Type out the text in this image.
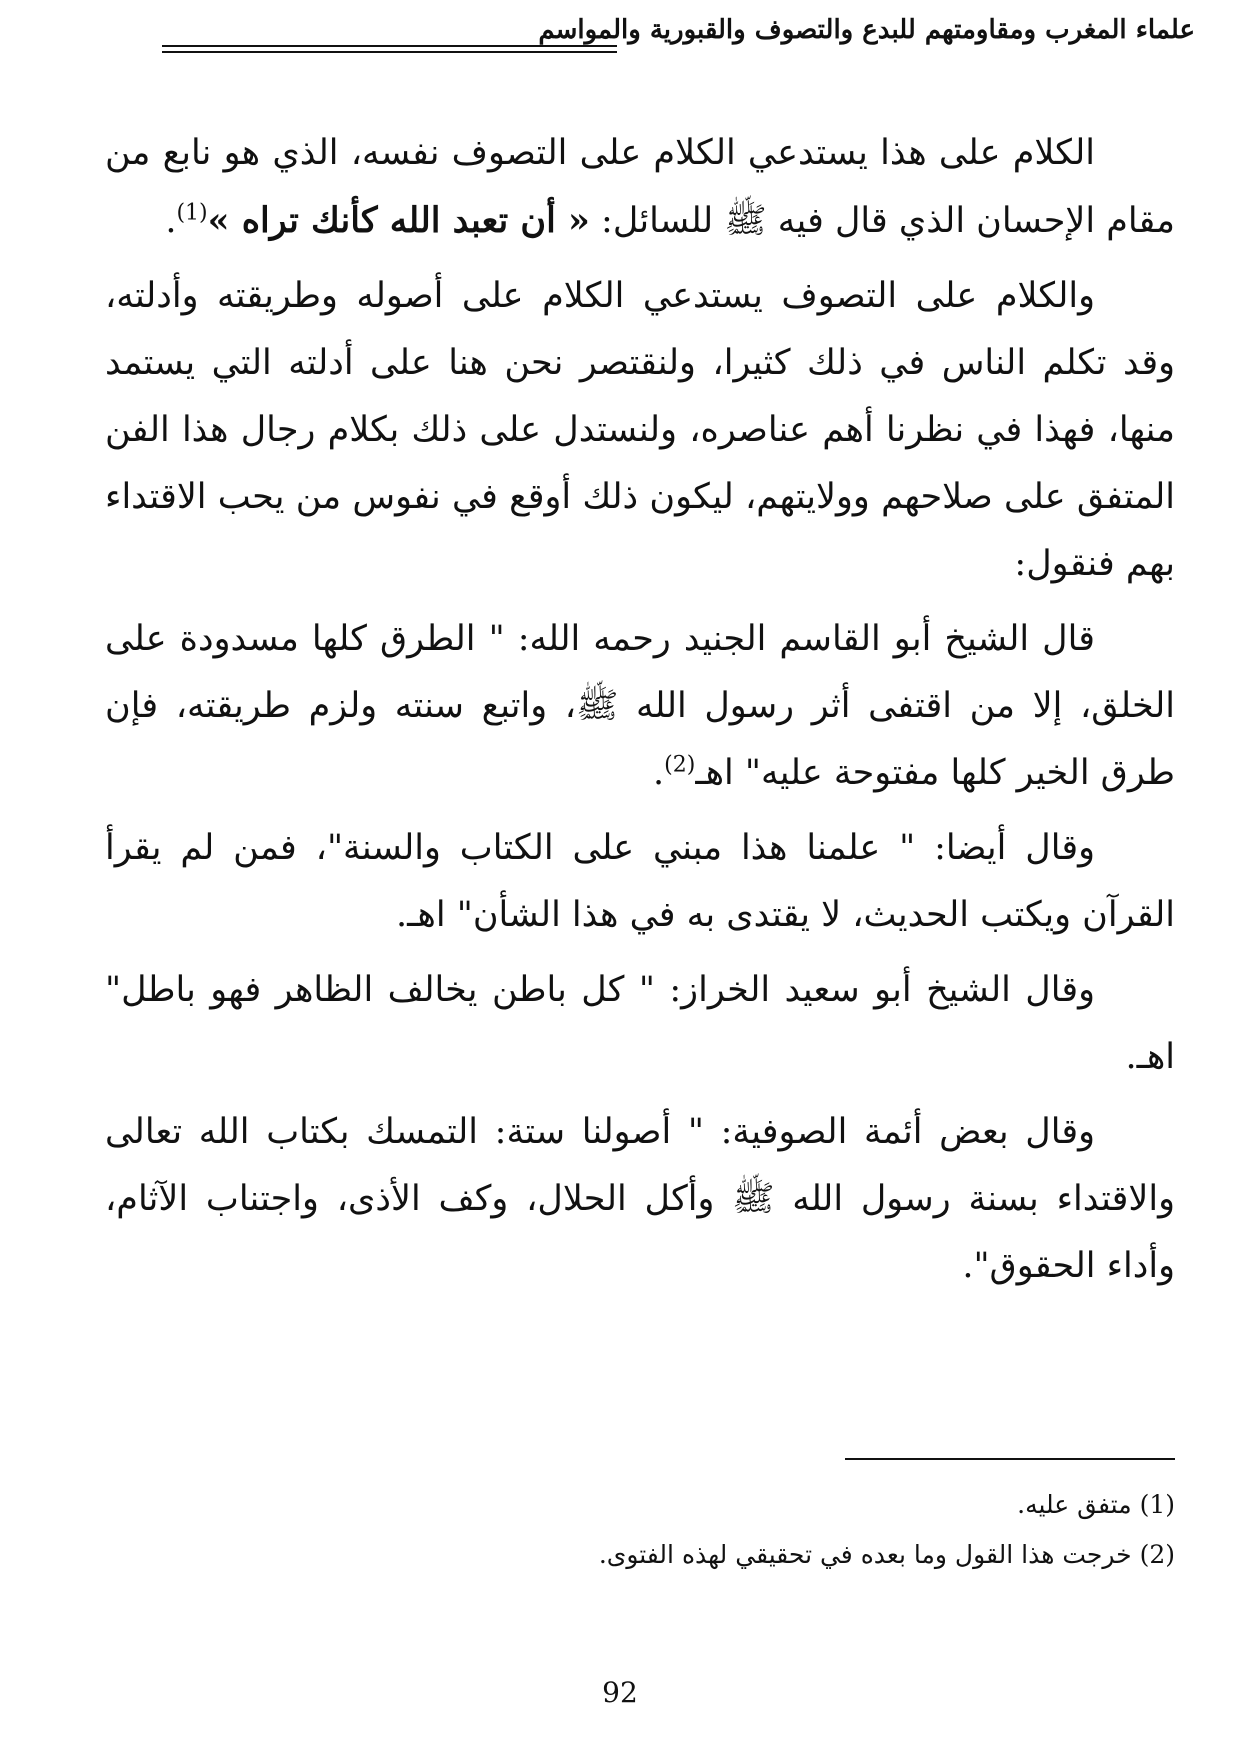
علماء المغرب ومقاومتهم للبدع والتصوف والقبورية والمواسم

الكلام على هذا يستدعي الكلام على التصوف نفسه، الذي هو نابع من مقام الإحسان الذي قال فيه ﷺ للسائل: « أن تعبد الله كأنك تراه »$^{(1)}$.

والكلام على التصوف يستدعي الكلام على أصوله وطريقته وأدلته، وقد تكلم الناس في ذلك كثيرا، ولنقتصر نحن هنا على أدلته التي يستمد منها، فهذا في نظرنا أهم عناصره، ولنستدل على ذلك بكلام رجال هذا الفن المتفق على صلاحهم وولايتهم، ليكون ذلك أوقع في نفوس من يحب الاقتداء بهم فنقول:

قال الشيخ أبو القاسم الجنيد رحمه الله: " الطرق كلها مسدودة على الخلق، إلا من اقتفى أثر رسول الله ﷺ، واتبع سنته ولزم طريقته، فإن طرق الخير كلها مفتوحة عليه" اهـ$^{(2)}$.

وقال أيضا: " علمنا هذا مبني على الكتاب والسنة"، فمن لم يقرأ القرآن ويكتب الحديث، لا يقتدى به في هذا الشأن" اهـ.

وقال الشيخ أبو سعيد الخراز: " كل باطن يخالف الظاهر فهو باطل" اهـ.

وقال بعض أئمة الصوفية: " أصولنا ستة: التمسك بكتاب الله تعالى والاقتداء بسنة رسول الله ﷺ وأكل الحلال، وكف الأذى، واجتناب الآثام، وأداء الحقوق".

(1) متفق عليه.
(2) خرجت هذا القول وما بعده في تحقيقي لهذه الفتوى.
92
